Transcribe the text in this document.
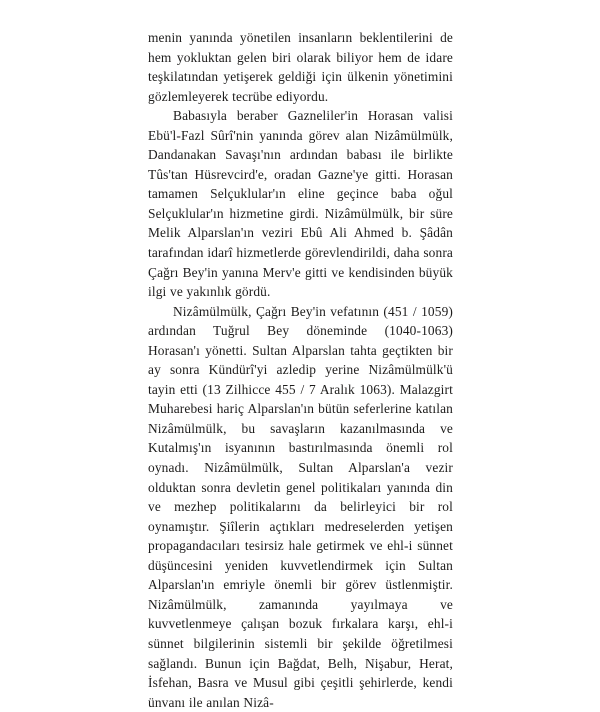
menin yanında yönetilen insanların beklentilerini de hem yokluktan gelen biri olarak biliyor hem de idare teşkilatından yetişerek geldiği için ülkenin yönetimini gözlemleyerek tecrübe ediyordu.

Babasıyla beraber Gazneliler'in Horasan valisi Ebü'l-Fazl Sûrî'nin yanında görev alan Nizâmülmülk, Dandanakan Savaşı'nın ardından babası ile birlikte Tûs'tan Hüsrevcird'e, oradan Gazne'ye gitti. Horasan tamamen Selçuklular'ın eline geçince baba oğul Selçuklular'ın hizmetine girdi. Nizâmülmülk, bir süre Melik Alparslan'ın veziri Ebû Ali Ahmed b. Şâdân tarafından idarî hizmetlerde görevlendirildi, daha sonra Çağrı Bey'in yanına Merv'e gitti ve kendisinden büyük ilgi ve yakınlık gördü.

Nizâmülmülk, Çağrı Bey'in vefatının (451 / 1059) ardından Tuğrul Bey döneminde (1040-1063) Horasan'ı yönetti. Sultan Alparslan tahta geçtikten bir ay sonra Kündürî'yi azledip yerine Nizâmülmülk'ü tayin etti (13 Zilhicce 455 / 7 Aralık 1063). Malazgirt Muharebesi hariç Alparslan'ın bütün seferlerine katılan Nizâmülmülk, bu savaşların kazanılmasında ve Kutalmış'ın isyanının bastırılmasında önemli rol oynadı. Nizâmülmülk, Sultan Alparslan'a vezir olduktan sonra devletin genel politikaları yanında din ve mezhep politikalarını da belirleyici bir rol oynamıştır. Şiîlerin açtıkları medreselerden yetişen propagandacıları tesirsiz hale getirmek ve ehl-i sünnet düşüncesini yeniden kuvvetlendirmek için Sultan Alparslan'ın emriyle önemli bir görev üstlenmiştir. Nizâmülmülk, zamanında yayılmaya ve kuvvetlenmeye çalışan bozuk fırkalara karşı, ehl-i sünnet bilgilerinin sistemli bir şekilde öğretilmesi sağlandı. Bunun için Bağdat, Belh, Nişabur, Herat, İsfehan, Basra ve Musul gibi çeşitli şehirlerde, kendi ünvanı ile anılan Nizâ-
